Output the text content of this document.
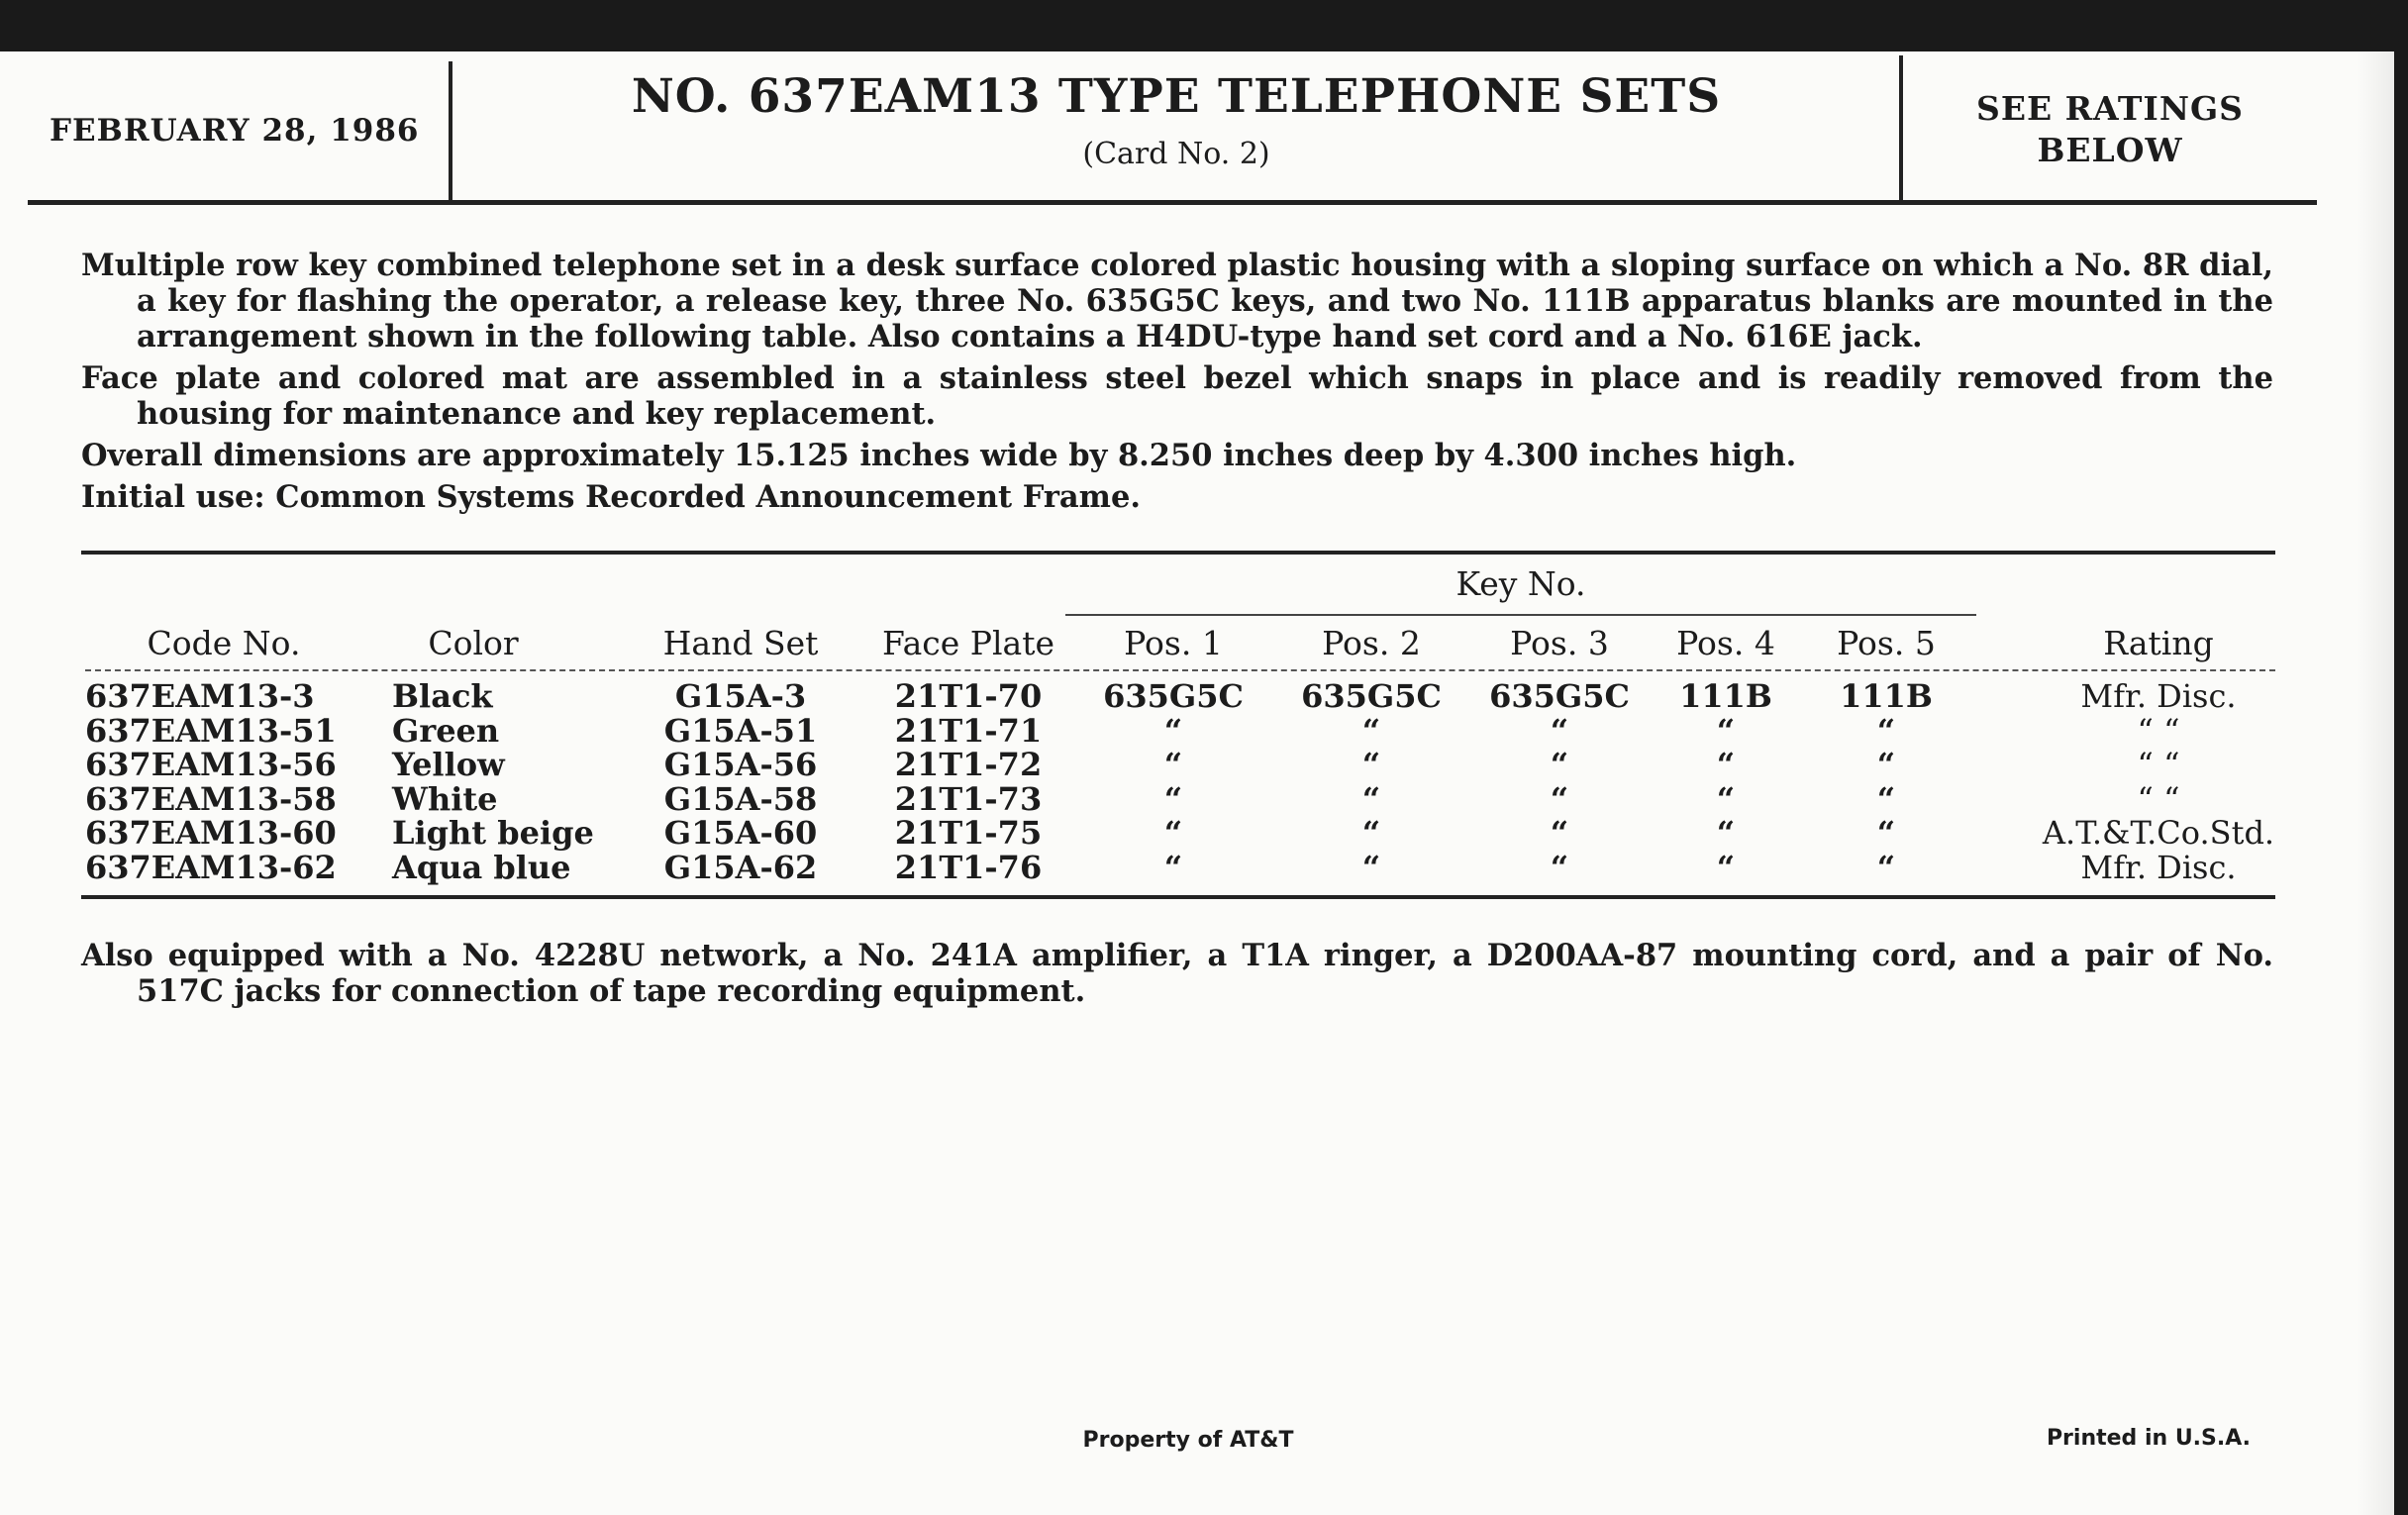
FEBRUARY 28, 1986
NO. 637EAM13 TYPE TELEPHONE SETS
(Card No. 2)
SEE RATINGS
BELOW

Multiple row key combined telephone set in a desk surface colored plastic housing with a sloping surface on which a No. 8R dial, a key for flashing the operator, a release key, three No. 635G5C keys, and two No. 111B apparatus blanks are mounted in the arrangement shown in the following table. Also contains a H4DU-type hand set cord and a No. 616E jack.

Face plate and colored mat are assembled in a stainless steel bezel which snaps in place and is readily removed from the housing for maintenance and key replacement.

Overall dimensions are approximately 15.125 inches wide by 8.250 inches deep by 4.300 inches high.

Initial use: Common Systems Recorded Announcement Frame.

Key No.
Code No.	Color	Hand Set	Face Plate	Pos. 1	Pos. 2	Pos. 3	Pos. 4	Pos. 5	Rating
637EAM13-3 Black	G15A-3	21T1-70	635G5C	635G5C	635G5C	111B	111B	Mfr. Disc.
637EAM13-51 Green	G15A-51	21T1-71	“	“	“	“	“	“ “
637EAM13-56 Yellow	G15A-56	21T1-72	“	“	“	“	“	“ “
637EAM13-58 White	G15A-58	21T1-73	“	“	“	“	“	“ “
637EAM13-60 Light beige	G15A-60	21T1-75	“	“	“	“	“	A.T.&T.Co.Std.
637EAM13-62 Aqua blue	G15A-62	21T1-76	“	“	“	“	“	Mfr. Disc.

Also equipped with a No. 4228U network, a No. 241A amplifier, a T1A ringer, a D200AA-87 mounting cord, and a pair of No. 517C jacks for connection of tape recording equipment.

Property of AT&T	Printed in U.S.A.
